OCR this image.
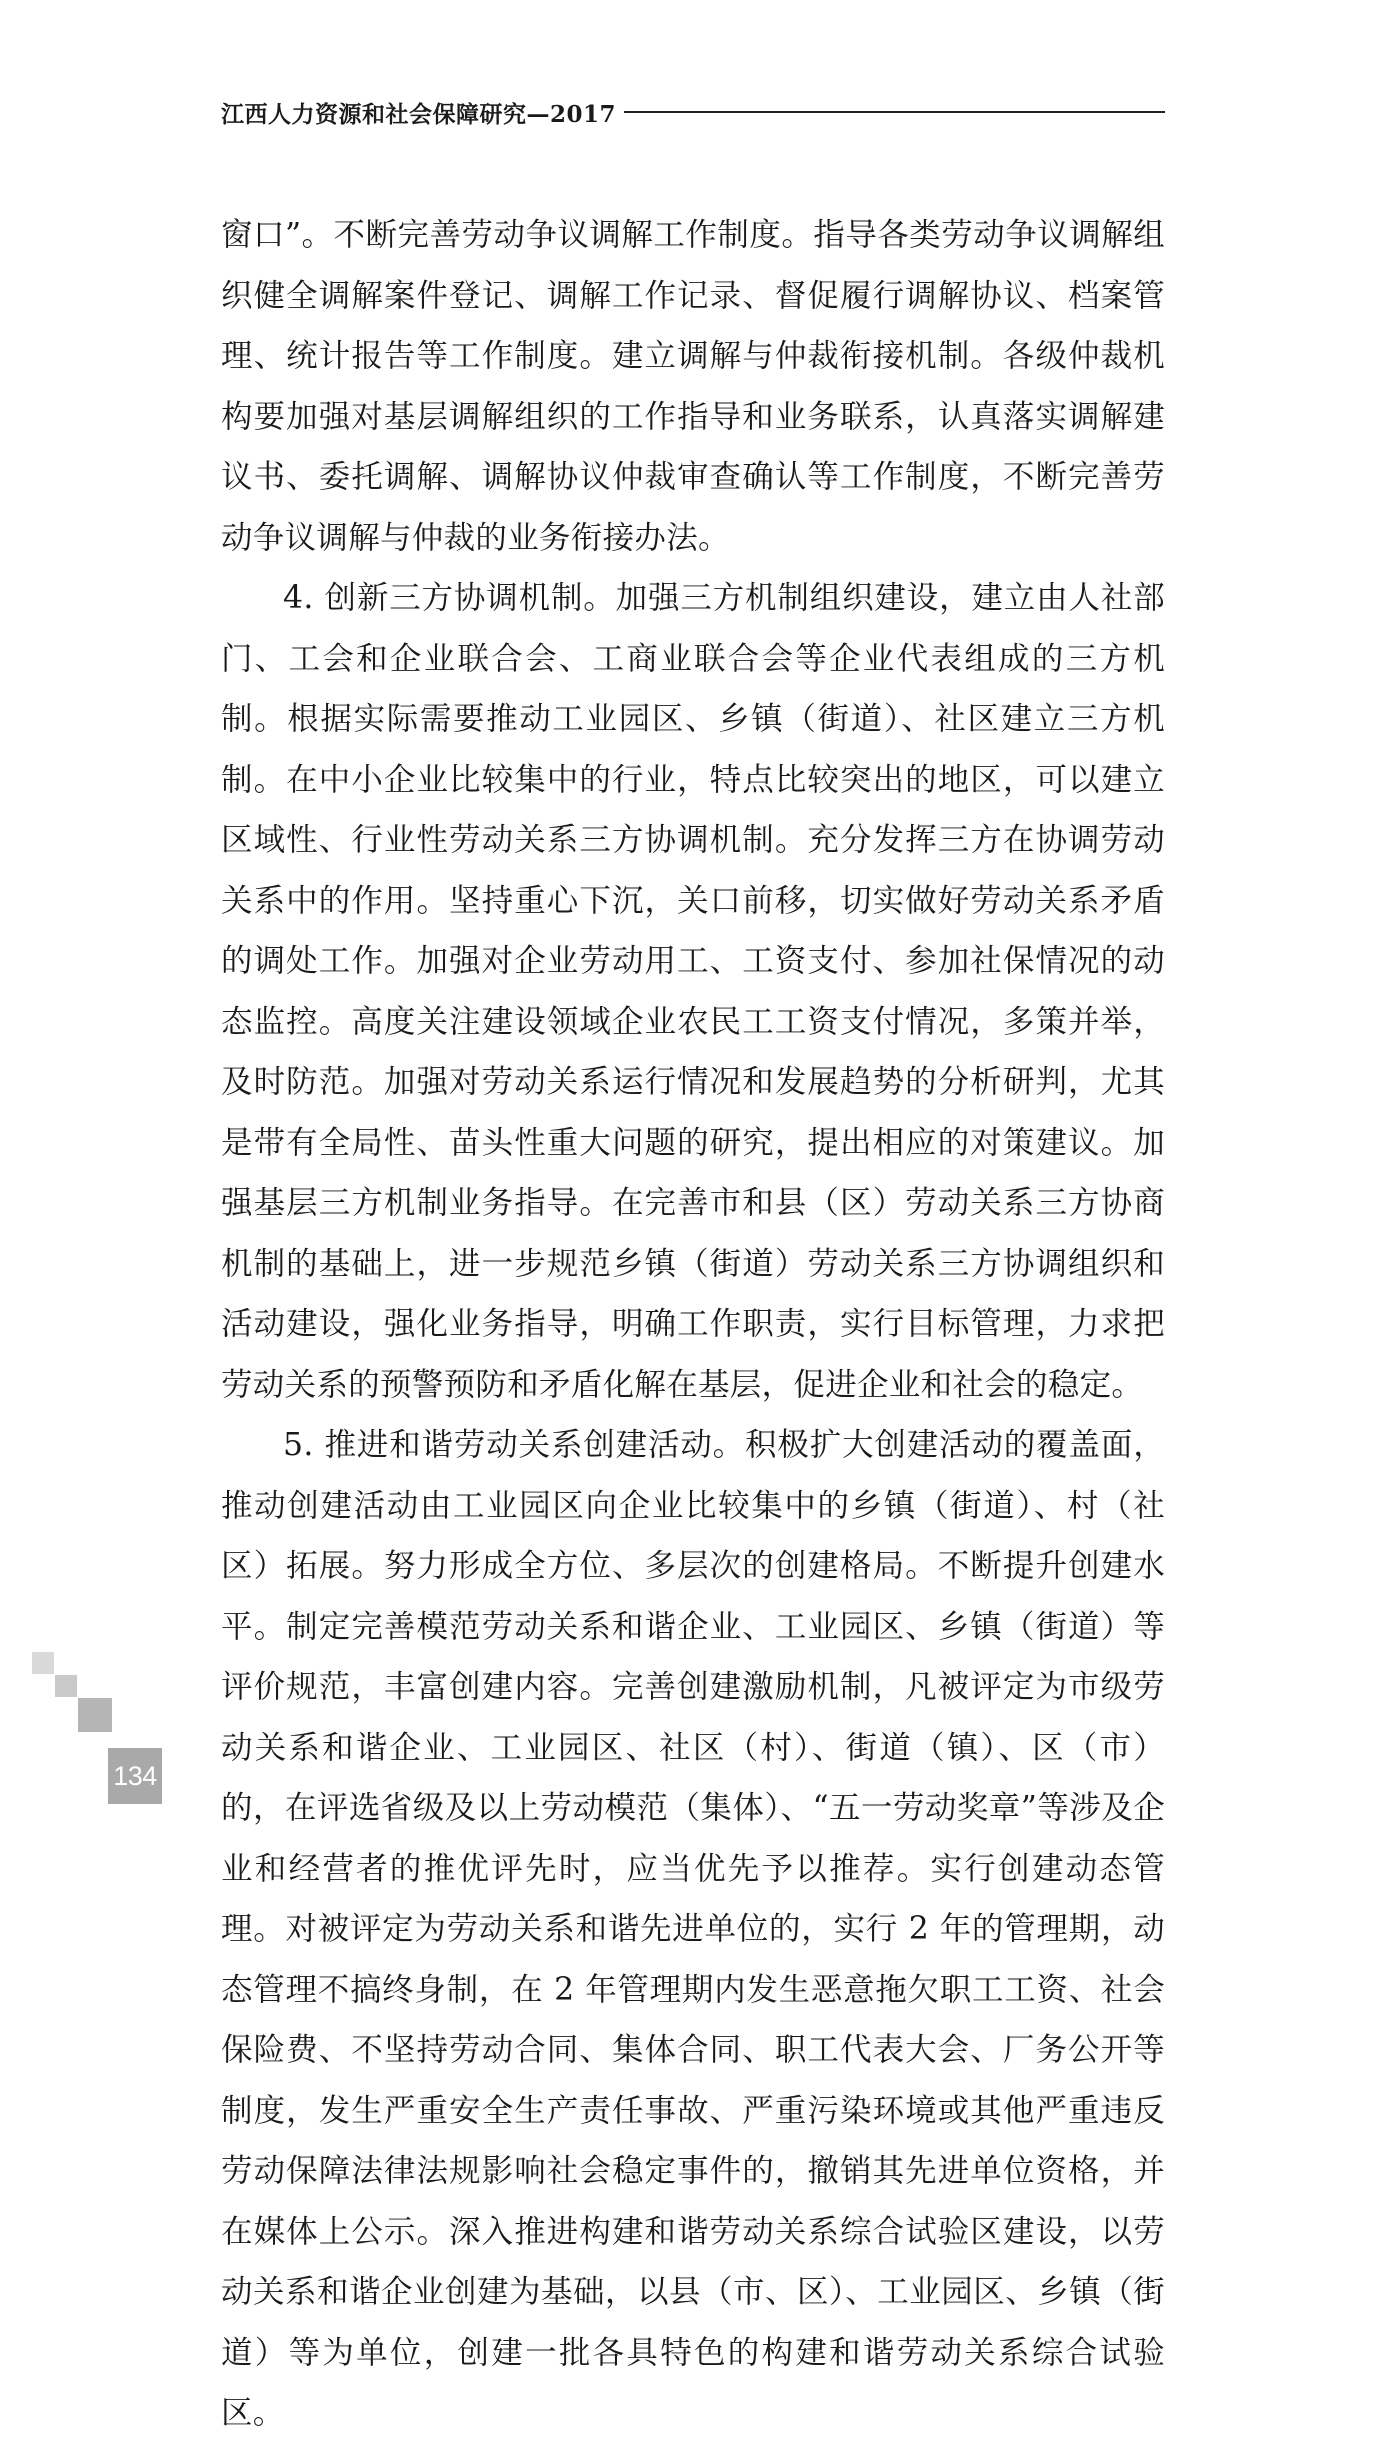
江西人力资源和社会保障研究—2017

窗口”。不断完善劳动争议调解工作制度。指导各类劳动争议调解组织健全调解案件登记、调解工作记录、督促履行调解协议、档案管理、统计报告等工作制度。建立调解与仲裁衔接机制。各级仲裁机构要加强对基层调解组织的工作指导和业务联系，认真落实调解建议书、委托调解、调解协议仲裁审查确认等工作制度，不断完善劳动争议调解与仲裁的业务衔接办法。

4. 创新三方协调机制。加强三方机制组织建设，建立由人社部门、工会和企业联合会、工商业联合会等企业代表组成的三方机制。根据实际需要推动工业园区、乡镇（街道）、社区建立三方机制。在中小企业比较集中的行业，特点比较突出的地区，可以建立区域性、行业性劳动关系三方协调机制。充分发挥三方在协调劳动关系中的作用。坚持重心下沉，关口前移，切实做好劳动关系矛盾的调处工作。加强对企业劳动用工、工资支付、参加社保情况的动态监控。高度关注建设领域企业农民工工资支付情况，多策并举，及时防范。加强对劳动关系运行情况和发展趋势的分析研判，尤其是带有全局性、苗头性重大问题的研究，提出相应的对策建议。加强基层三方机制业务指导。在完善市和县（区）劳动关系三方协商机制的基础上，进一步规范乡镇（街道）劳动关系三方协调组织和活动建设，强化业务指导，明确工作职责，实行目标管理，力求把劳动关系的预警预防和矛盾化解在基层，促进企业和社会的稳定。

5. 推进和谐劳动关系创建活动。积极扩大创建活动的覆盖面，推动创建活动由工业园区向企业比较集中的乡镇（街道）、村（社区）拓展。努力形成全方位、多层次的创建格局。不断提升创建水平。制定完善模范劳动关系和谐企业、工业园区、乡镇（街道）等评价规范，丰富创建内容。完善创建激励机制，凡被评定为市级劳动关系和谐企业、工业园区、社区（村）、街道（镇）、区（市）的，在评选省级及以上劳动模范（集体）、“五一劳动奖章”等涉及企业和经营者的推优评先时，应当优先予以推荐。实行创建动态管理。对被评定为劳动关系和谐先进单位的，实行 2 年的管理期，动态管理不搞终身制，在 2 年管理期内发生恶意拖欠职工工资、社会保险费、不坚持劳动合同、集体合同、职工代表大会、厂务公开等制度，发生严重安全生产责任事故、严重污染环境或其他严重违反劳动保障法律法规影响社会稳定事件的，撤销其先进单位资格，并在媒体上公示。深入推进构建和谐劳动关系综合试验区建设，以劳动关系和谐企业创建为基础，以县（市、区）、工业园区、乡镇（街道）等为单位，创建一批各具特色的构建和谐劳动关系综合试验区。

134
